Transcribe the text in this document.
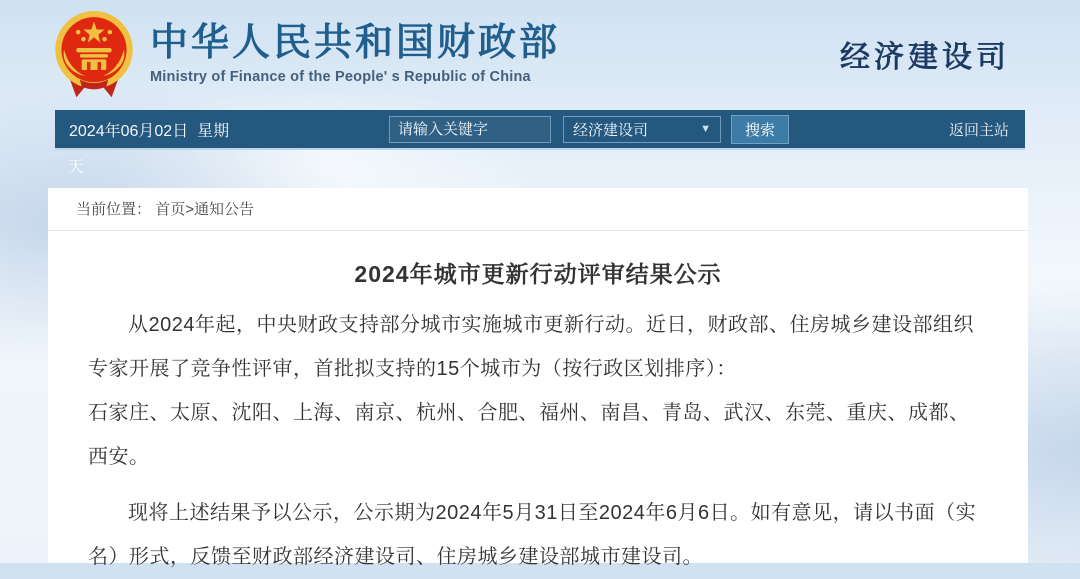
中华人民共和国财政部
Ministry of Finance of the People' s Republic of China
经济建设司
2024年06月02日  星期
请输入关键字	经济建设司	▼	搜索	返回主站
天
当前位置： 首页>通知公告
2024年城市更新行动评审结果公示

从2024年起，中央财政支持部分城市实施城市更新行动。近日，财政部、住房城乡建设部组织专家开展了竞争性评审，首批拟支持的15个城市为（按行政区划排序）：

石家庄、太原、沈阳、上海、南京、杭州、合肥、福州、南昌、青岛、武汉、东莞、重庆、成都、西安。

现将上述结果予以公示，公示期为2024年5月31日至2024年6月6日。如有意见，请以书面（实名）形式，反馈至财政部经济建设司、住房城乡建设部城市建设司。
